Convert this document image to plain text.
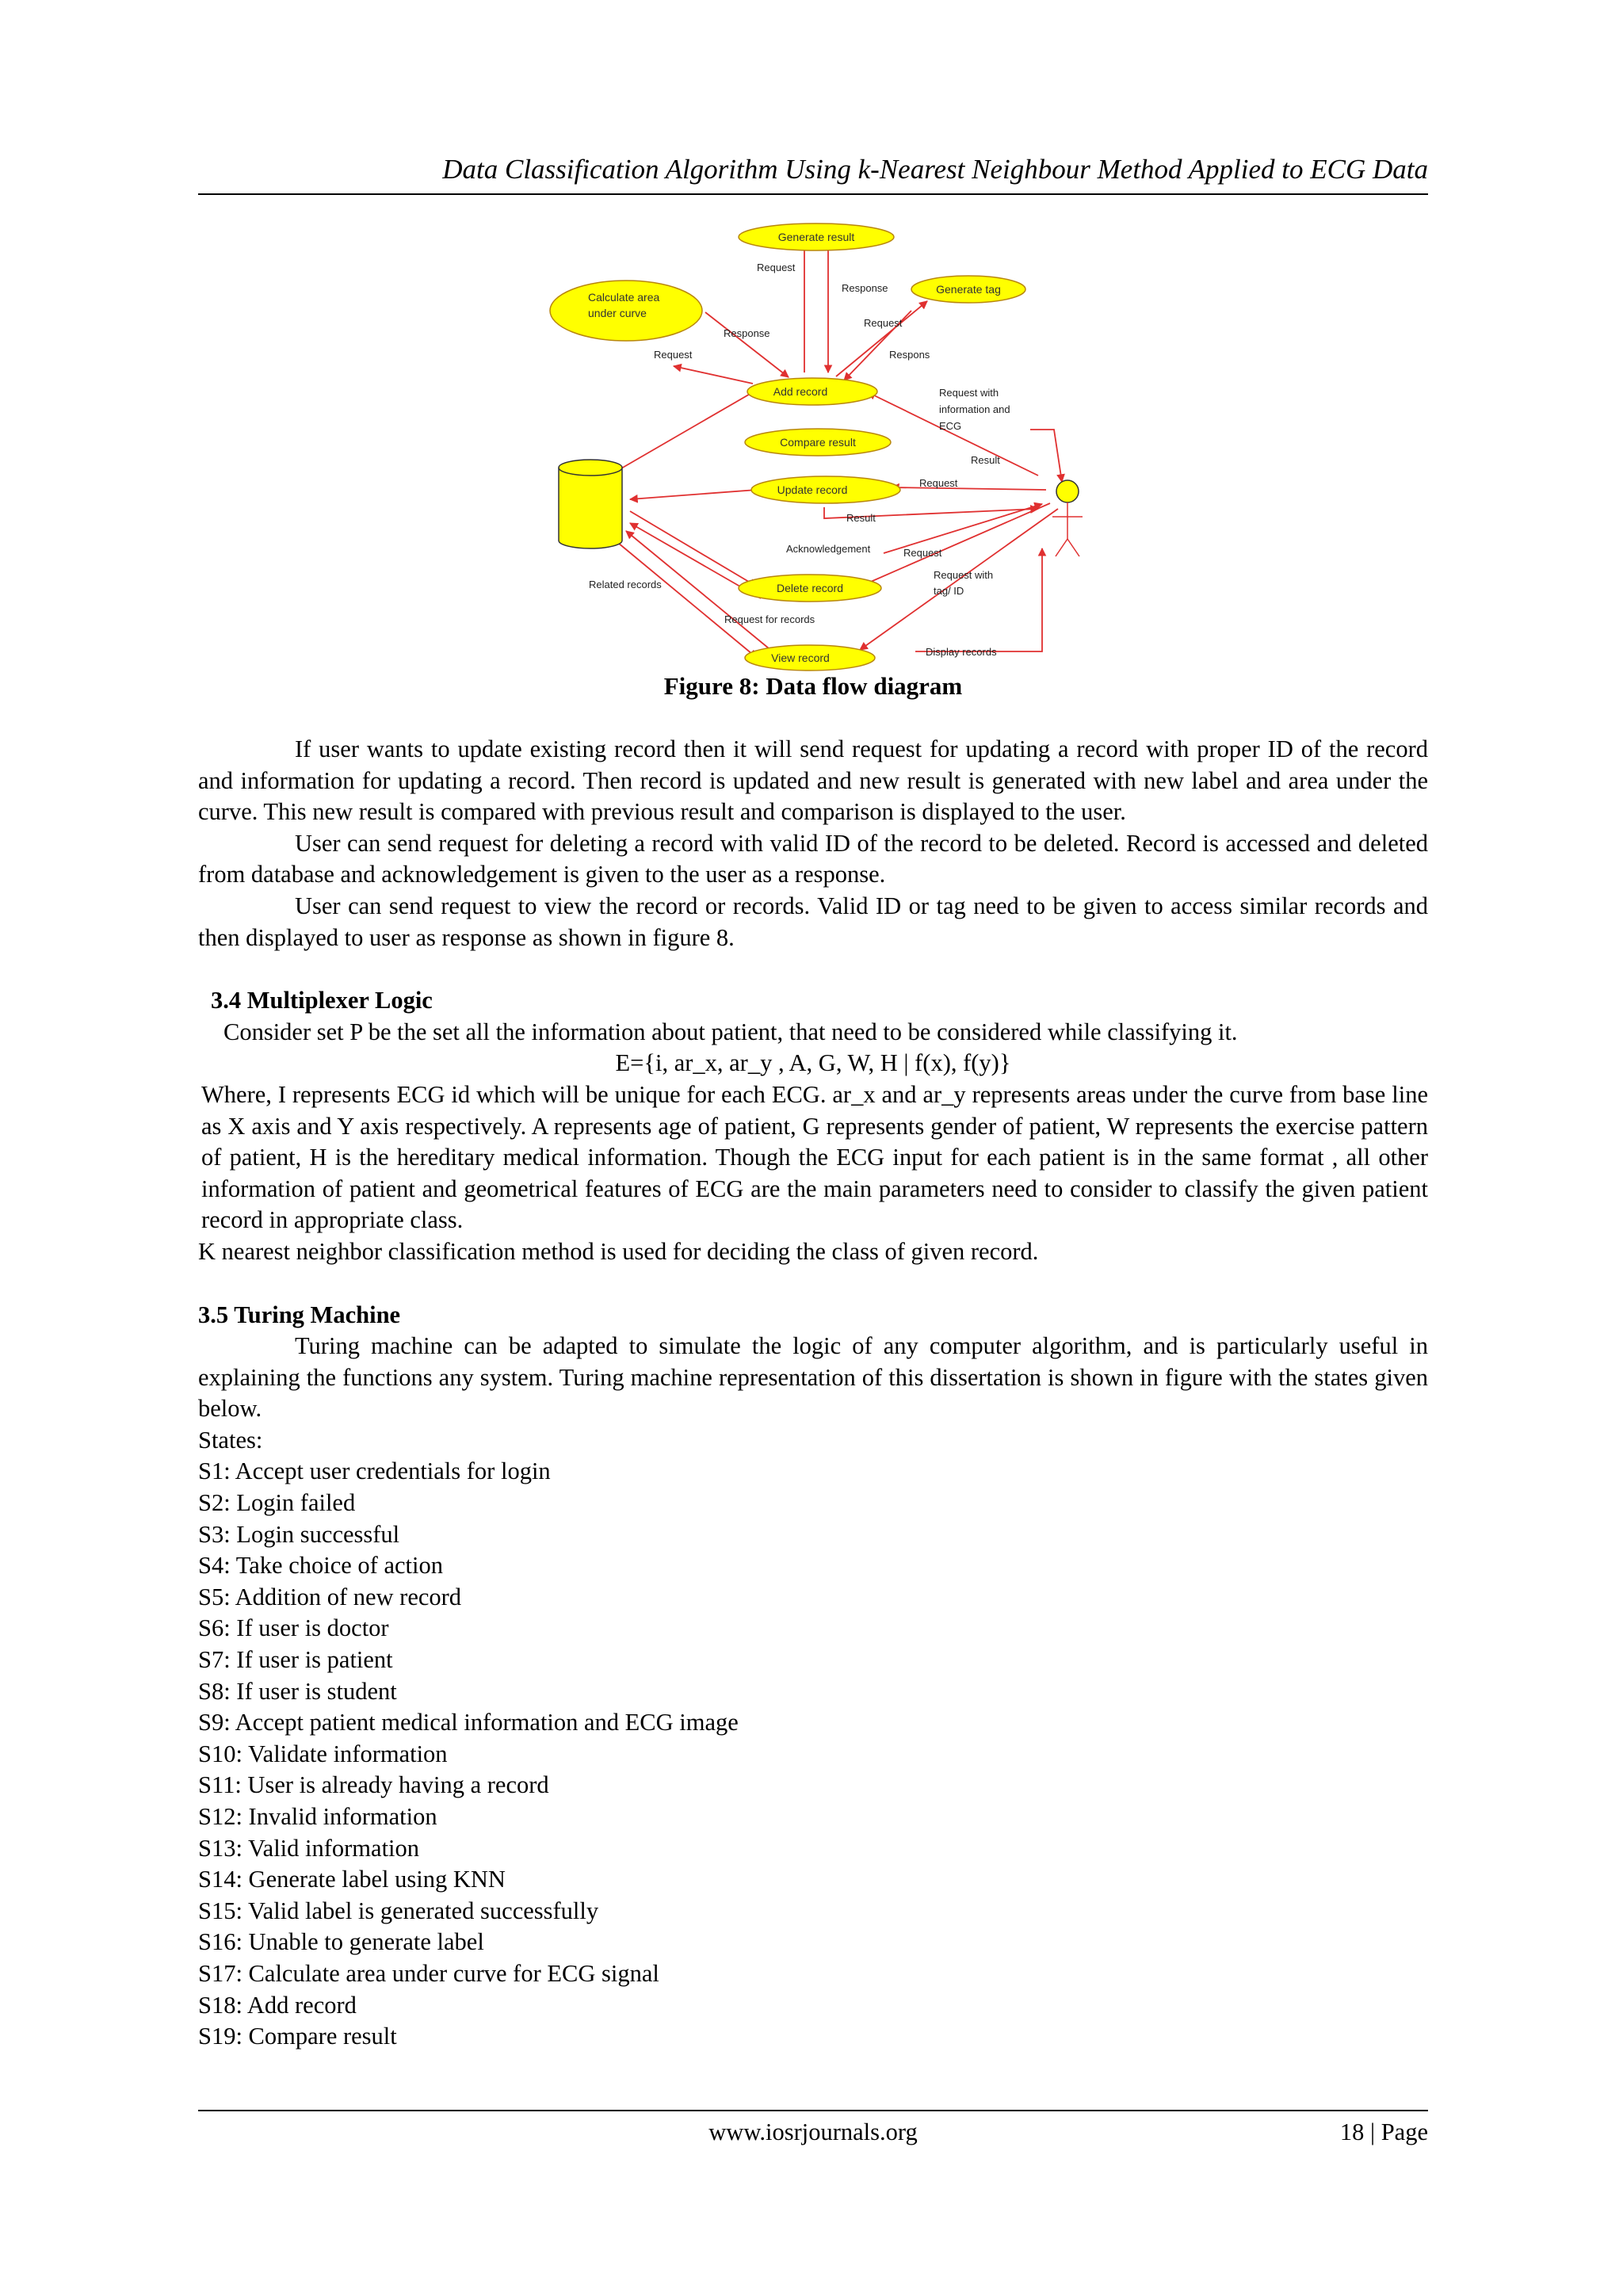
Data Classification Algorithm Using k-Nearest Neighbour Method Applied to ECG Data
Generate result
Generate tag
Calculate area
under curve
Add record
Compare result
Update record
Delete record
View record
Request
Response
Request
Respons
Response
Request
Request with
information and
ECG
Result
Request
Result
Acknowledgement	Request
Request with
tag/ ID
Related records
Request for records
Display records
Figure 8: Data flow diagram

If user wants to update existing record then it will send request for updating a record with proper ID of the record and information for updating a record. Then record is updated and new result is generated with new label and area under the curve. This new result is compared with previous result and comparison is displayed to the user.

User can send request for deleting a record with valid ID of the record to be deleted. Record is accessed and deleted from database and acknowledgement is given to the user as a response.

User can send request to view the record or records. Valid ID or tag need to be given to access similar records and then displayed to user as response as shown in figure 8.

3.4 Multiplexer Logic

Consider set P be the set all the information about patient, that need to be considered while classifying it.

E={i, ar_x, ar_y , A, G, W, H | f(x), f(y)}

Where, I represents ECG id which will be unique for each ECG. ar_x and ar_y represents areas under the curve from base line as X axis and Y axis respectively. A represents age of patient, G represents gender of patient, W represents the exercise pattern of patient, H is the hereditary medical information. Though the ECG input for each patient is in the same format , all other information of patient and geometrical features of ECG are the main parameters need to consider to classify the given patient record in appropriate class.

K nearest neighbor classification method is used for deciding the class of given record.

3.5 Turing Machine

Turing machine can be adapted to simulate the logic of any computer algorithm, and is particularly useful in explaining the functions any system. Turing machine representation of this dissertation is shown in figure with the states given below.

States:

S1: Accept user credentials for login

S2: Login failed

S3: Login successful

S4: Take choice of action

S5: Addition of new record

S6: If user is doctor

S7: If user is patient

S8: If user is student

S9: Accept patient medical information and ECG image

S10: Validate information

S11: User is already having a record

S12: Invalid information

S13: Valid information

S14: Generate label using KNN

S15: Valid label is generated successfully

S16: Unable to generate label

S17: Calculate area under curve for ECG signal

S18: Add record

S19: Compare result

www.iosrjournals.org	18 | Page
